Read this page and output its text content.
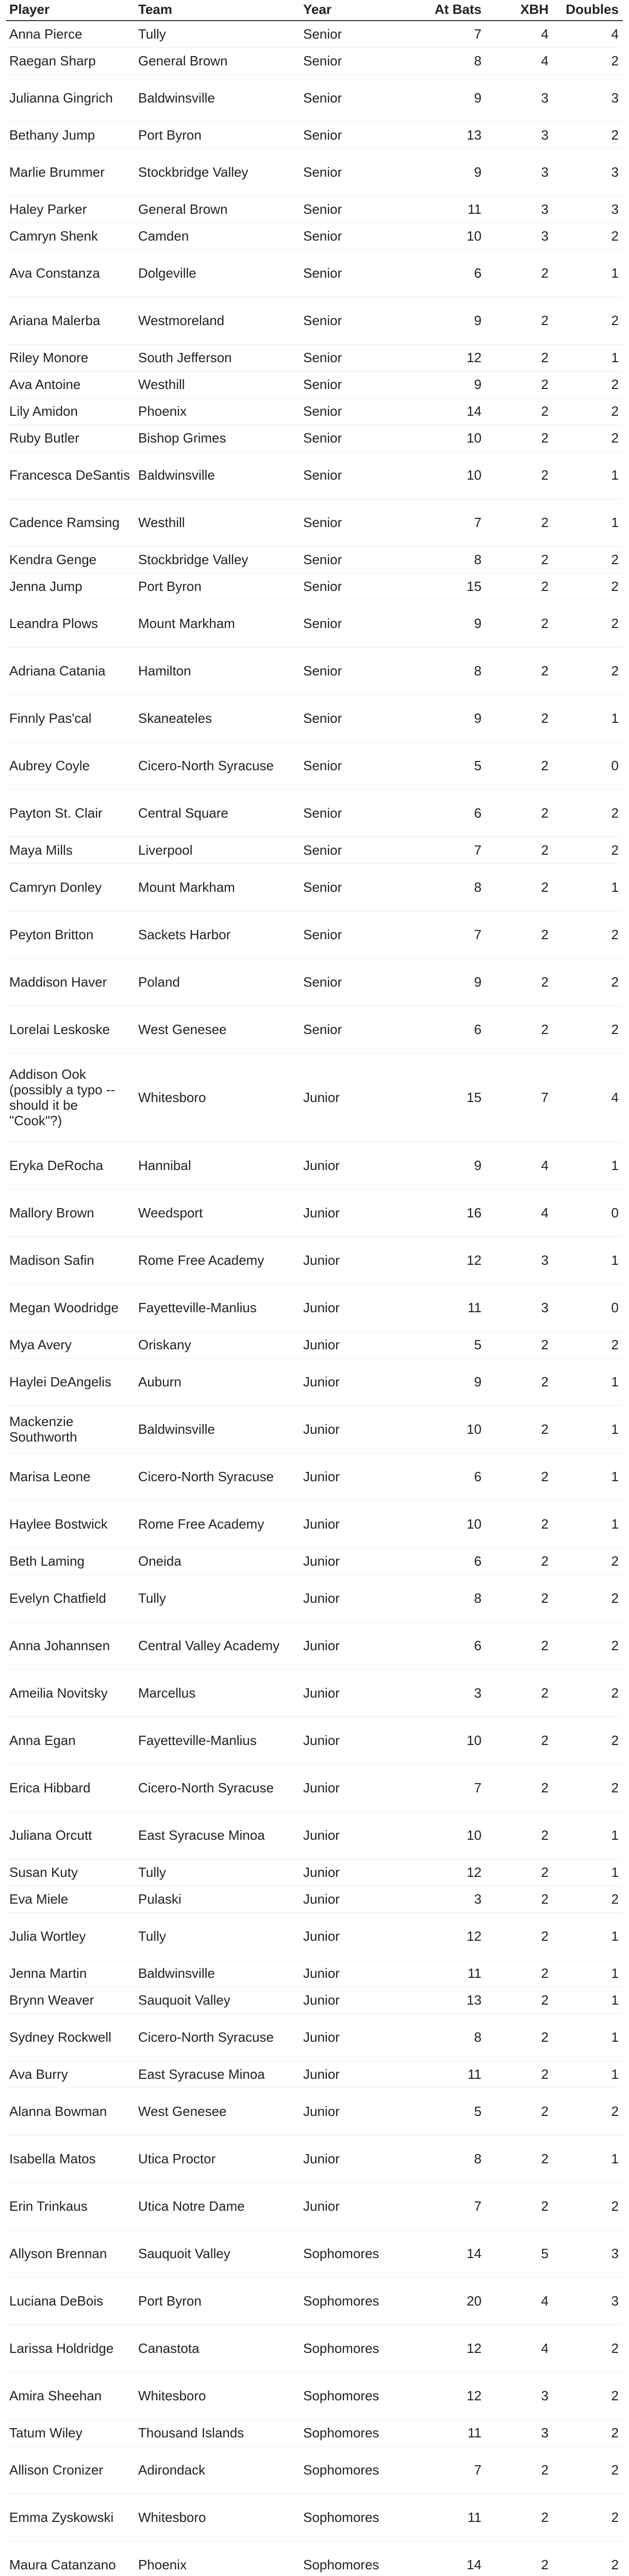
Player	Team	Year	At Bats	XBH	Doubles
Anna Pierce	Tully	Senior	7	4	4
Raegan Sharp	General Brown	Senior	8	4	2
Julianna Gingrich	Baldwinsville	Senior	9	3	3
Bethany Jump	Port Byron	Senior	13	3	2
Marlie Brummer	Stockbridge Valley	Senior	9	3	3
Haley Parker	General Brown	Senior	11	3	3
Camryn Shenk	Camden	Senior	10	3	2
Ava Constanza	Dolgeville	Senior	6	2	1
Ariana Malerba	Westmoreland	Senior	9	2	2
Riley Monore	South Jefferson	Senior	12	2	1
Ava Antoine	Westhill	Senior	9	2	2
Lily Amidon	Phoenix	Senior	14	2	2
Ruby Butler	Bishop Grimes	Senior	10	2	2
Francesca DeSantis	Baldwinsville	Senior	10	2	1
Cadence Ramsing	Westhill	Senior	7	2	1
Kendra Genge	Stockbridge Valley	Senior	8	2	2
Jenna Jump	Port Byron	Senior	15	2	2
Leandra Plows	Mount Markham	Senior	9	2	2
Adriana Catania	Hamilton	Senior	8	2	2
Finnly Pas'cal	Skaneateles	Senior	9	2	1
Aubrey Coyle	Cicero-North Syracuse	Senior	5	2	0
Payton St. Clair	Central Square	Senior	6	2	2
Maya Mills	Liverpool	Senior	7	2	2
Camryn Donley	Mount Markham	Senior	8	2	1
Peyton Britton	Sackets Harbor	Senior	7	2	2
Maddison Haver	Poland	Senior	9	2	2
Lorelai Leskoske	West Genesee	Senior	6	2	2
Addison Ook (possibly a typo -- should it be "Cook"?)	Whitesboro	Junior	15	7	4
Eryka DeRocha	Hannibal	Junior	9	4	1
Mallory Brown	Weedsport	Junior	16	4	0
Madison Safin	Rome Free Academy	Junior	12	3	1
Megan Woodridge	Fayetteville-Manlius	Junior	11	3	0
Mya Avery	Oriskany	Junior	5	2	2
Haylei DeAngelis	Auburn	Junior	9	2	1
Mackenzie Southworth	Baldwinsville	Junior	10	2	1
Marisa Leone	Cicero-North Syracuse	Junior	6	2	1
Haylee Bostwick	Rome Free Academy	Junior	10	2	1
Beth Laming	Oneida	Junior	6	2	2
Evelyn Chatfield	Tully	Junior	8	2	2
Anna Johannsen	Central Valley Academy	Junior	6	2	2
Ameilia Novitsky	Marcellus	Junior	3	2	2
Anna Egan	Fayetteville-Manlius	Junior	10	2	2
Erica Hibbard	Cicero-North Syracuse	Junior	7	2	2
Juliana Orcutt	East Syracuse Minoa	Junior	10	2	1
Susan Kuty	Tully	Junior	12	2	1
Eva Miele	Pulaski	Junior	3	2	2
Julia Wortley	Tully	Junior	12	2	1
Jenna Martin	Baldwinsville	Junior	11	2	1
Brynn Weaver	Sauquoit Valley	Junior	13	2	1
Sydney Rockwell	Cicero-North Syracuse	Junior	8	2	1
Ava Burry	East Syracuse Minoa	Junior	11	2	1
Alanna Bowman	West Genesee	Junior	5	2	2
Isabella Matos	Utica Proctor	Junior	8	2	1
Erin Trinkaus	Utica Notre Dame	Junior	7	2	2
Allyson Brennan	Sauquoit Valley	Sophomores	14	5	3
Luciana DeBois	Port Byron	Sophomores	20	4	3
Larissa Holdridge	Canastota	Sophomores	12	4	2
Amira Sheehan	Whitesboro	Sophomores	12	3	2
Tatum Wiley	Thousand Islands	Sophomores	11	3	2
Allison Cronizer	Adirondack	Sophomores	7	2	2
Emma Zyskowski	Whitesboro	Sophomores	11	2	2
Maura Catanzano	Phoenix	Sophomores	14	2	2
